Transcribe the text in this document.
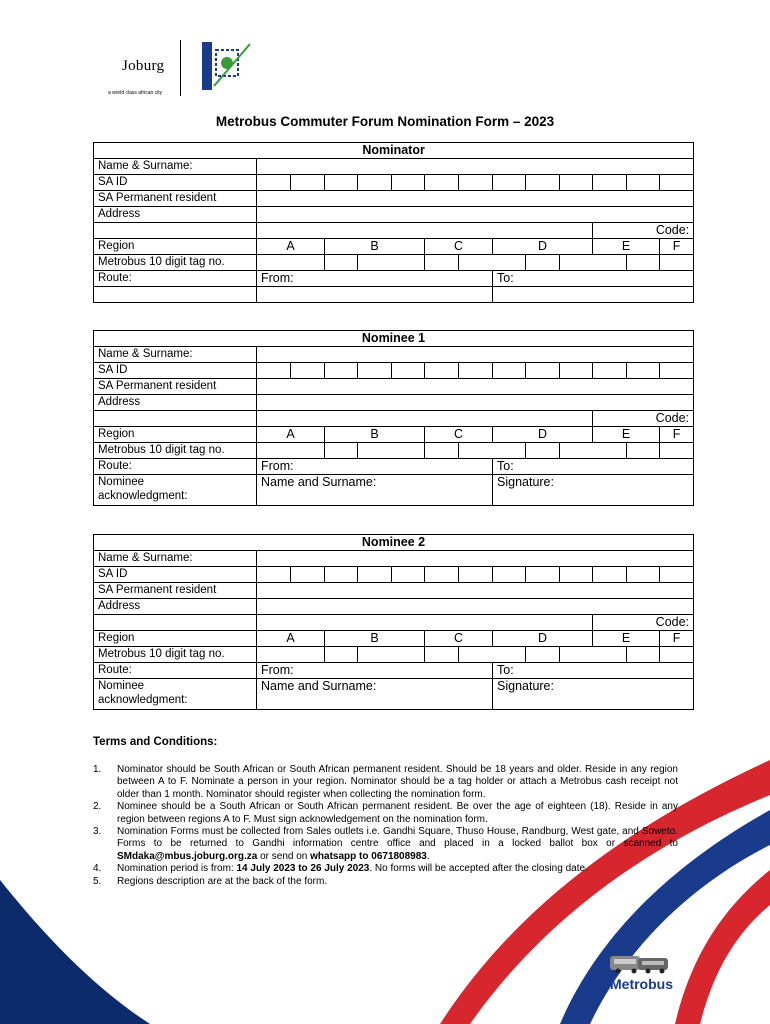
Joburg
a world class african city
Metrobus Commuter Forum Nomination Form – 2023
Nominator													
Name & Surname:													
SA ID													
SA Permanent resident													
Address													
											Code:		
Region	A		B			C		D			E		F
Metrobus 10 digit tag no.													
Route:	From:							To:					

Nominee 1													
Name & Surname:													
SA ID													
SA Permanent resident													
Address													
											Code:		
Region	A		B			C		D			E		F
Metrobus 10 digit tag no.													
Route:	From:							To:					
Nominee
acknowledgment:	Name and Surname:							Signature:					
Nominee 2													
Name & Surname:													
SA ID													
SA Permanent resident													
Address													
											Code:		
Region	A		B			C		D			E		F
Metrobus 10 digit tag no.													
Route:	From:							To:					
Nominee
acknowledgment:	Name and Surname:							Signature:					
Terms and Conditions:
1. Nominator should be South African or South African permanent resident. Should be 18 years and older. Reside in any region between A to F. Nominate a person in your region. Nominator should be a tag holder or attach a Metrobus cash receipt not older than 1 month. Nominator should register when collecting the nomination form.
2. Nominee should be a South African or South African permanent resident. Be over the age of eighteen (18). Reside in any region between regions A to F. Must sign acknowledgement on the nomination form.
3. Nomination Forms must be collected from Sales outlets i.e. Gandhi Square, Thuso House, Randburg, West gate, and Soweto. Forms to be returned to Gandhi information centre office and placed in a locked ballot box or scanned to SMdaka@mbus.joburg.org.za or send on whatsapp to 0671808983.
4. Nomination period is from: 14 July 2023 to 26 July 2023. No forms will be accepted after the closing date.
5. Regions description are at the back of the form.
Metrobus
